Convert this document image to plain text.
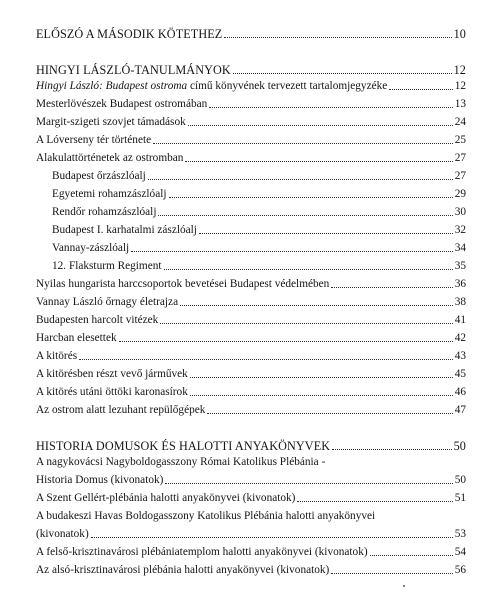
ELŐSZÓ A MÁSODIK KÖTETHEZ	10
HINGYI LÁSZLÓ-TANULMÁNYOK	12
Hingyi László: Budapest ostroma című könyvének tervezett tartalomjegyzéke	12
Mesterlövészek Budapest ostromában	13
Margit-szigeti szovjet támadások	24
A Lóverseny tér története	25
Alakulattörténetek az ostromban	27
Budapest őrzászlóalj	27
Egyetemi rohamzászlóalj	29
Rendőr rohamzászlóalj	30
Budapest I. karhatalmi zászlóalj	32
Vannay-zászlóalj	34
12. Flaksturm Regiment	35
Nyilas hungarista harccsoportok bevetései Budapest védelmében	36
Vannay László őrnagy életrajza	38
Budapesten harcolt vitézek	41
Harcban elesettek	42
A kitörés	43
A kitörésben részt vevő járművek	45
A kitörés utáni öttöki karonasírok	46
Az ostrom alatt lezuhant repülőgépek	47
HISTORIA DOMUSOK ÉS HALOTTI ANYAKÖNYVEK	50
A nagykovácsi Nagyboldogasszony Római Katolikus Plébánia -
Historia Domus (kivonatok)	50
A Szent Gellért-plébánia halotti anyakönyvei (kivonatok)	51
A budakeszi Havas Boldogasszony Katolikus Plébánia halotti anyakönyvei
(kivonatok)	53
A felső-krisztinavárosi plébániatemplom halotti anyakönyvei (kivonatok)	54
Az alsó-krisztinavárosi plébánia halotti anyakönyvei (kivonatok)	56
